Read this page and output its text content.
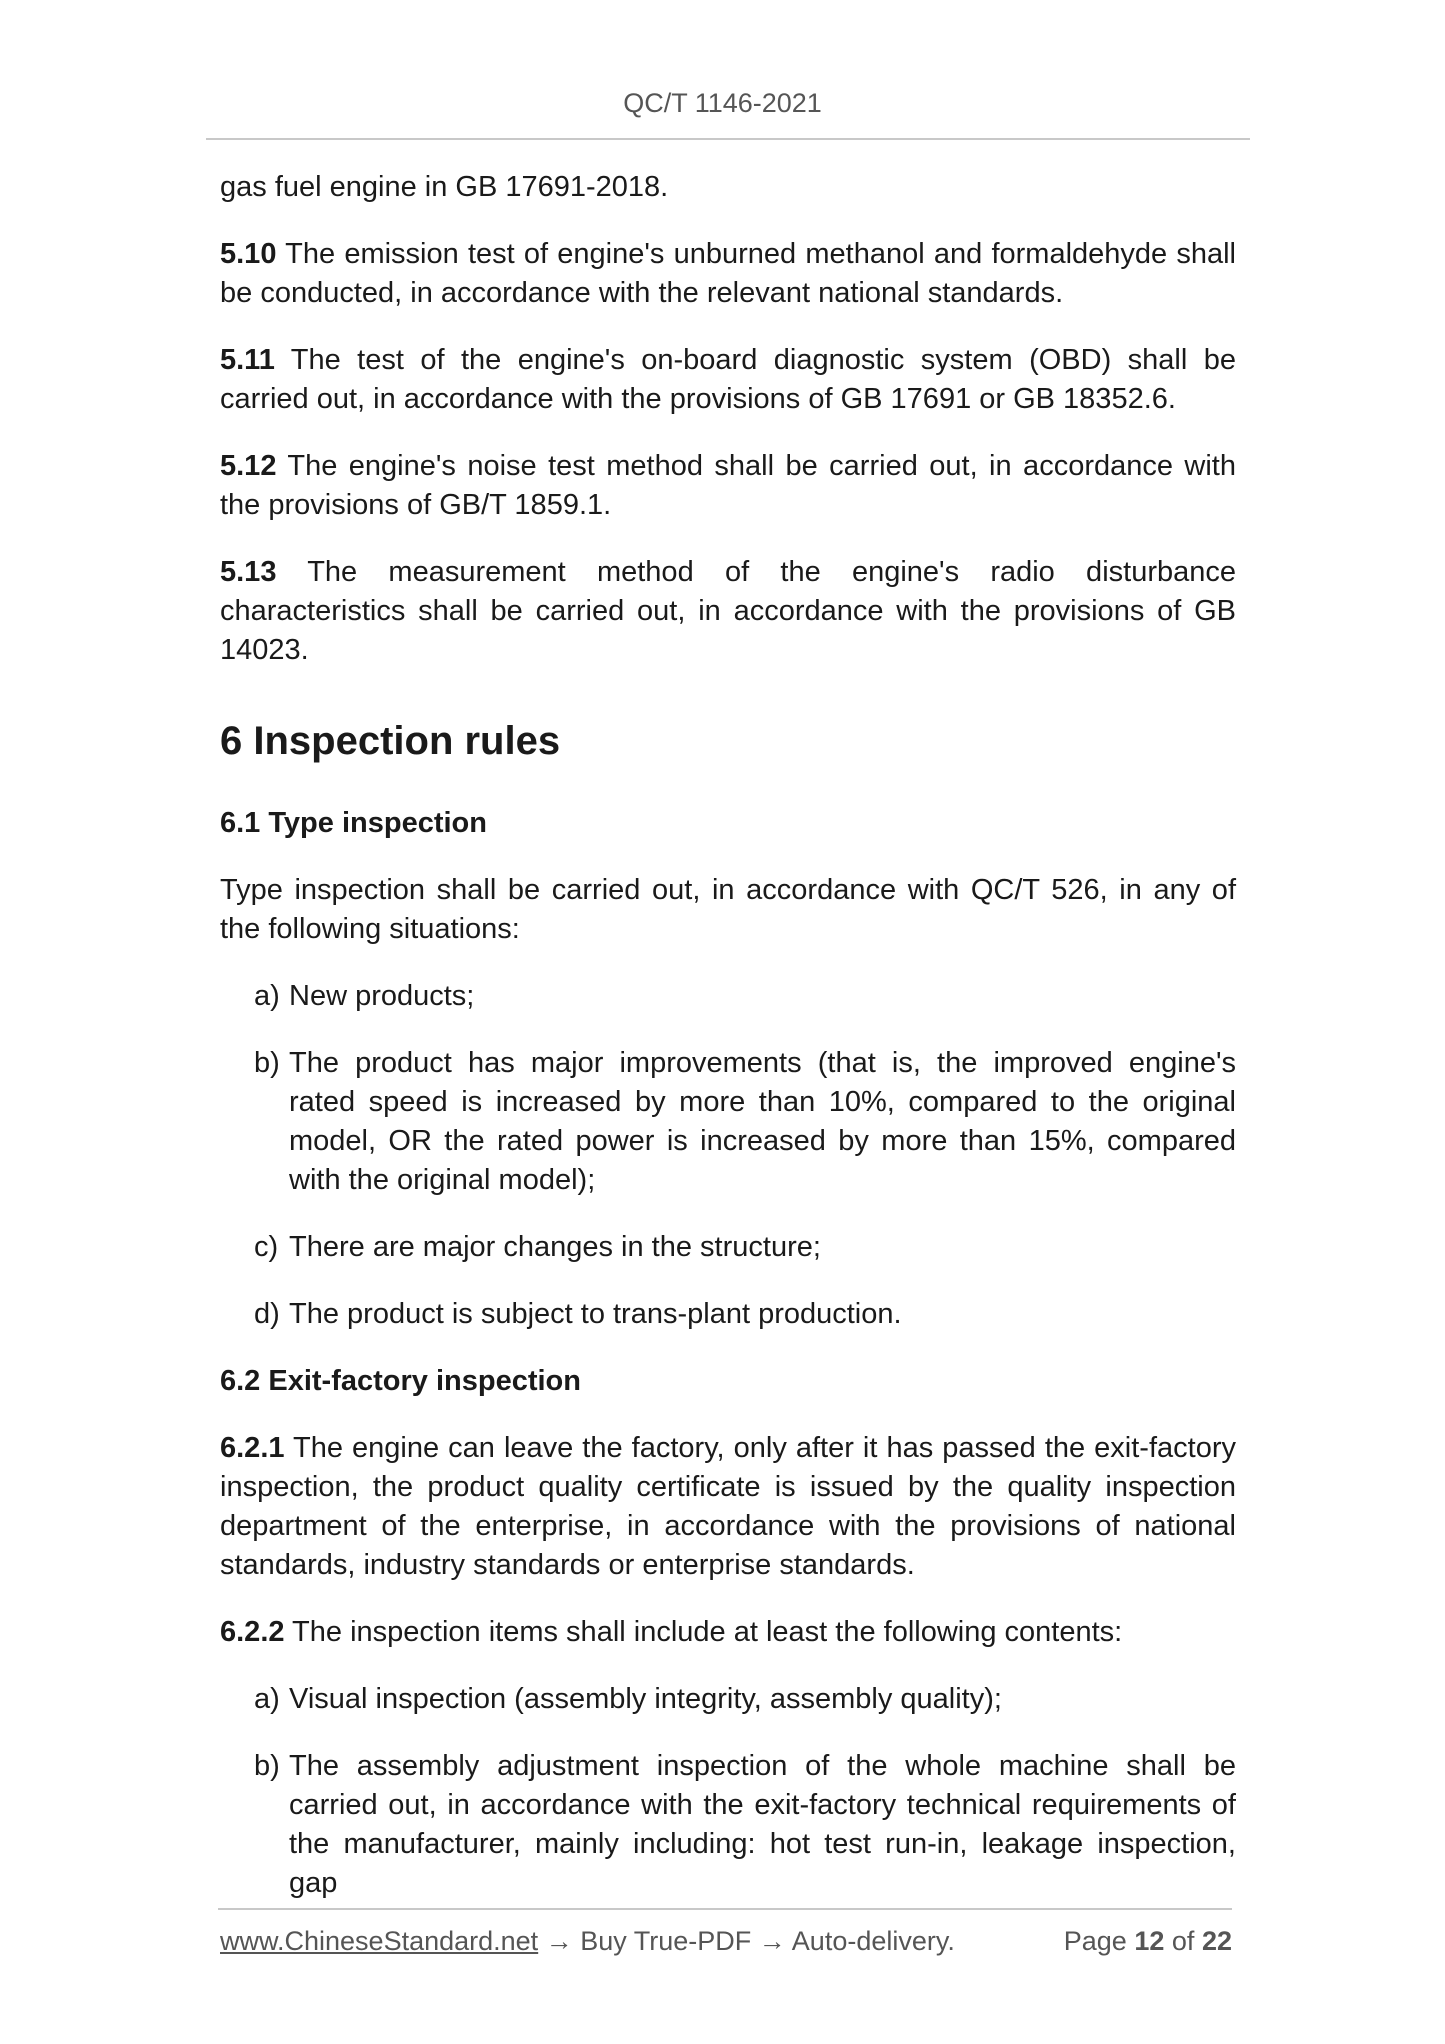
QC/T 1146-2021

gas fuel engine in GB 17691-2018.

5.10 The emission test of engine's unburned methanol and formaldehyde shall be conducted, in accordance with the relevant national standards.

5.11 The test of the engine's on-board diagnostic system (OBD) shall be carried out, in accordance with the provisions of GB 17691 or GB 18352.6.

5.12 The engine's noise test method shall be carried out, in accordance with the provisions of GB/T 1859.1.

5.13 The measurement method of the engine's radio disturbance characteristics shall be carried out, in accordance with the provisions of GB 14023.

6 Inspection rules
6.1 Type inspection

Type inspection shall be carried out, in accordance with QC/T 526, in any of the following situations:

a) New products;
b) The product has major improvements (that is, the improved engine's rated speed is increased by more than 10%, compared to the original model, OR the rated power is increased by more than 15%, compared with the original model);
c) There are major changes in the structure;
d) The product is subject to trans-plant production.
6.2 Exit-factory inspection

6.2.1 The engine can leave the factory, only after it has passed the exit-factory inspection, the product quality certificate is issued by the quality inspection department of the enterprise, in accordance with the provisions of national standards, industry standards or enterprise standards.

6.2.2 The inspection items shall include at least the following contents:

a) Visual inspection (assembly integrity, assembly quality);
b) The assembly adjustment inspection of the whole machine shall be carried out, in accordance with the exit-factory technical requirements of the manufacturer, mainly including: hot test run-in, leakage inspection, gap
www.ChineseStandard.net → Buy True-PDF → Auto-delivery.	Page 12 of 22
